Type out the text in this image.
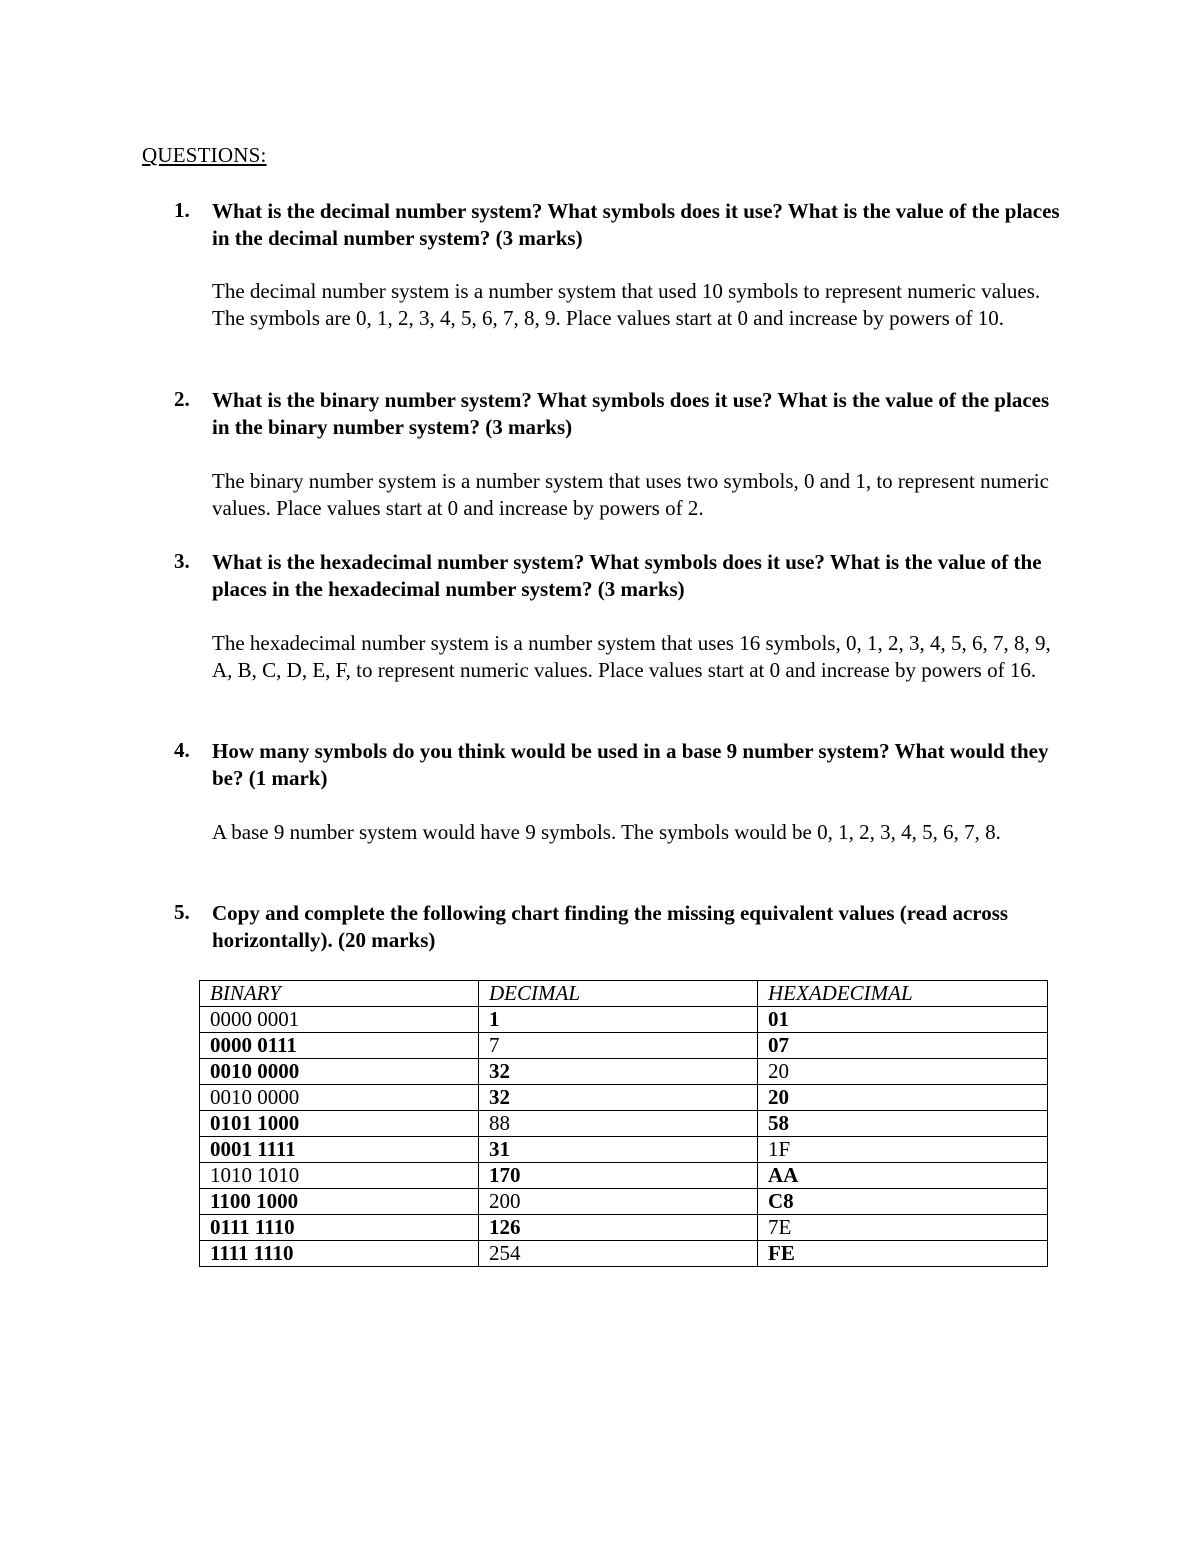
QUESTIONS:
1. What is the decimal number system? What symbols does it use? What is the value of the places in the decimal number system? (3 marks)
The decimal number system is a number system that used 10 symbols to represent numeric values. The symbols are 0, 1, 2, 3, 4, 5, 6, 7, 8, 9. Place values start at 0 and increase by powers of 10.
2. What is the binary number system? What symbols does it use? What is the value of the places in the binary number system? (3 marks)
The binary number system is a number system that uses two symbols, 0 and 1, to represent numeric values. Place values start at 0 and increase by powers of 2.
3. What is the hexadecimal number system? What symbols does it use? What is the value of the places in the hexadecimal number system? (3 marks)
The hexadecimal number system is a number system that uses 16 symbols, 0, 1, 2, 3, 4, 5, 6, 7, 8, 9, A, B, C, D, E, F, to represent numeric values. Place values start at 0 and increase by powers of 16.
4. How many symbols do you think would be used in a base 9 number system? What would they be? (1 mark)
A base 9 number system would have 9 symbols. The symbols would be 0, 1, 2, 3, 4, 5, 6, 7, 8.
5. Copy and complete the following chart finding the missing equivalent values (read across horizontally). (20 marks)
BINARY	DECIMAL	HEXADECIMAL
0000 0001	1	01
0000 0111	7	07
0010 0000	32	20
0010 0000	32	20
0101 1000	88	58
0001 1111	31	1F
1010 1010	170	AA
1100 1000	200	C8
0111 1110	126	7E
1111 1110	254	FE
